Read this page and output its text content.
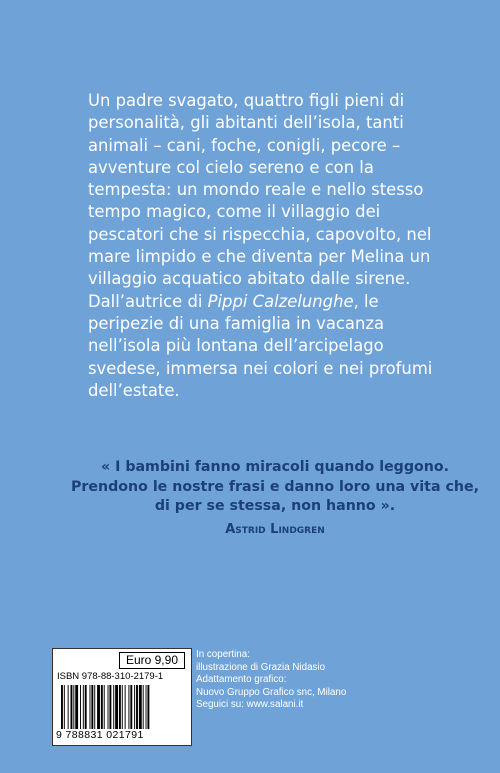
Un padre svagato, quattro figli pieni di personalità, gli abitanti dell’isola, tanti animali – cani, foche, conigli, pecore – avventure col cielo sereno e con la tempesta: un mondo reale e nello stesso tempo magico, come il villaggio dei pescatori che si rispecchia, capovolto, nel mare limpido e che diventa per Melina un villaggio acquatico abitato dalle sirene.

Dall’autrice di Pippi Calzelunghe, le peripezie di una famiglia in vacanza nell’isola più lontana dell’arcipelago svedese, immersa nei colori e nei profumi dell’estate.

« I bambini fanno miracoli quando leggono.
Prendono le nostre frasi e danno loro una vita che,
di per se stessa, non hanno ».
Astrid Lindgren
Euro 9,90
ISBN 978-88-310-2179-1
9 788831 021791
In copertina:
illustrazione di Grazia Nidasio
Adattamento grafico:
Nuovo Gruppo Grafico snc, Milano
Seguici su: www.salani.it
